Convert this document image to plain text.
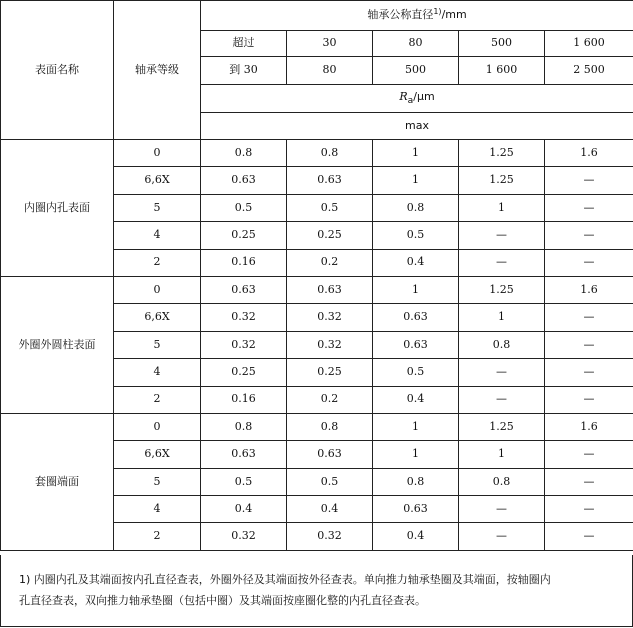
表面名称	轴承等级	轴承公称直径$^{1)}$/mm				
		超过	30	80	500	1 600
		到 30	80	500	1 600	2 500
		$R_a/\mu m$				
		max				
内圈内孔表面	0	0.8	0.8	1	1.25	1.6
	6,6X	0.63	0.63	1	1.25	—
	5	0.5	0.5	0.8	1	—
	4	0.25	0.25	0.5	—	—
	2	0.16	0.2	0.4	—	—
外圈外圆柱表面	0	0.63	0.63	1	1.25	1.6
	6,6X	0.32	0.32	0.63	1	—
	5	0.32	0.32	0.63	0.8	—
	4	0.25	0.25	0.5	—	—
	2	0.16	0.2	0.4	—	—
套圈端面	0	0.8	0.8	1	1.25	1.6
	6,6X	0.63	0.63	1	1	—
	5	0.5	0.5	0.8	0.8	—
	4	0.4	0.4	0.63	—	—
	2	0.32	0.32	0.4	—	—
1) 内圈内孔及其端面按内孔直径查表，外圈外径及其端面按外径查表。单向推力轴承垫圈及其端面，按轴圈内
孔直径查表，双向推力轴承垫圈（包括中圈）及其端面按座圈化整的内孔直径查表。
